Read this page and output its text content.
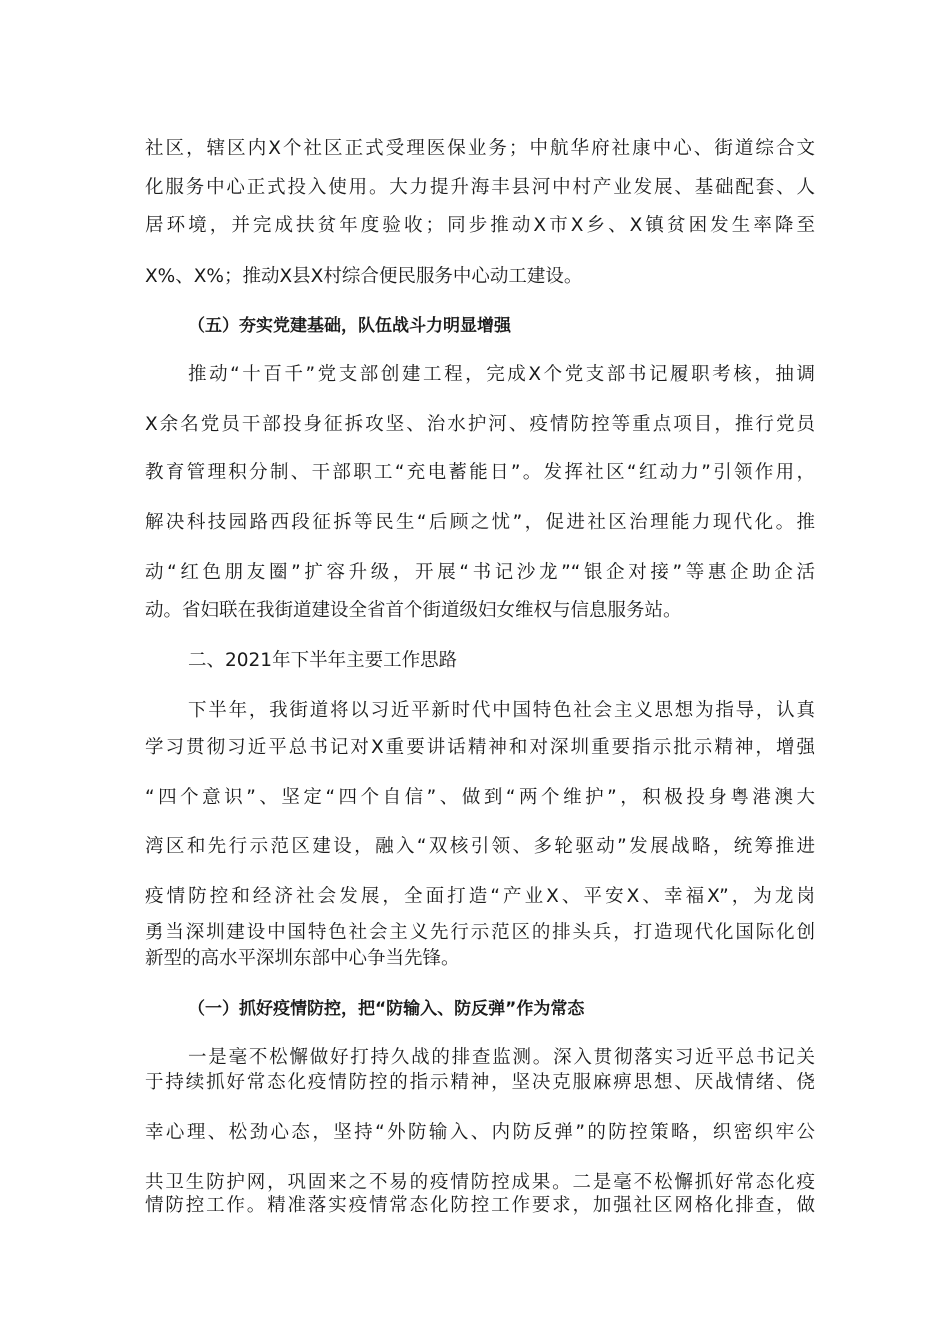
社区，辖区内X个社区正式受理医保业务；中航华府社康中心、街道综合文
化服务中心正式投入使用。大力提升海丰县河中村产业发展、基础配套、人
居环境，并完成扶贫年度验收；同步推动X市X乡、X镇贫困发生率降至
X%、X%；推动X县X村综合便民服务中心动工建设。
（五）夯实党建基础，队伍战斗力明显增强
推动“十百千”党支部创建工程，完成X个党支部书记履职考核，抽调
X余名党员干部投身征拆攻坚、治水护河、疫情防控等重点项目，推行党员
教育管理积分制、干部职工“充电蓄能日”。发挥社区“红动力”引领作用，
解决科技园路西段征拆等民生“后顾之忧”，促进社区治理能力现代化。推
动“红色朋友圈”扩容升级，开展“书记沙龙”“银企对接”等惠企助企活
动。省妇联在我街道建设全省首个街道级妇女维权与信息服务站。
二、2021年下半年主要工作思路
下半年，我街道将以习近平新时代中国特色社会主义思想为指导，认真
学习贯彻习近平总书记对X重要讲话精神和对深圳重要指示批示精神，增强
“四个意识”、坚定“四个自信”、做到“两个维护”，积极投身粤港澳大
湾区和先行示范区建设，融入“双核引领、多轮驱动”发展战略，统筹推进
疫情防控和经济社会发展，全面打造“产业X、平安X、幸福X”，为龙岗
勇当深圳建设中国特色社会主义先行示范区的排头兵，打造现代化国际化创
新型的高水平深圳东部中心争当先锋。
（一）抓好疫情防控，把“防输入、防反弹”作为常态
一是毫不松懈做好打持久战的排查监测。深入贯彻落实习近平总书记关
于持续抓好常态化疫情防控的指示精神，坚决克服麻痹思想、厌战情绪、侥
幸心理、松劲心态，坚持“外防输入、内防反弹”的防控策略，织密织牢公
共卫生防护网，巩固来之不易的疫情防控成果。二是毫不松懈抓好常态化疫
情防控工作。精准落实疫情常态化防控工作要求，加强社区网格化排查，做
